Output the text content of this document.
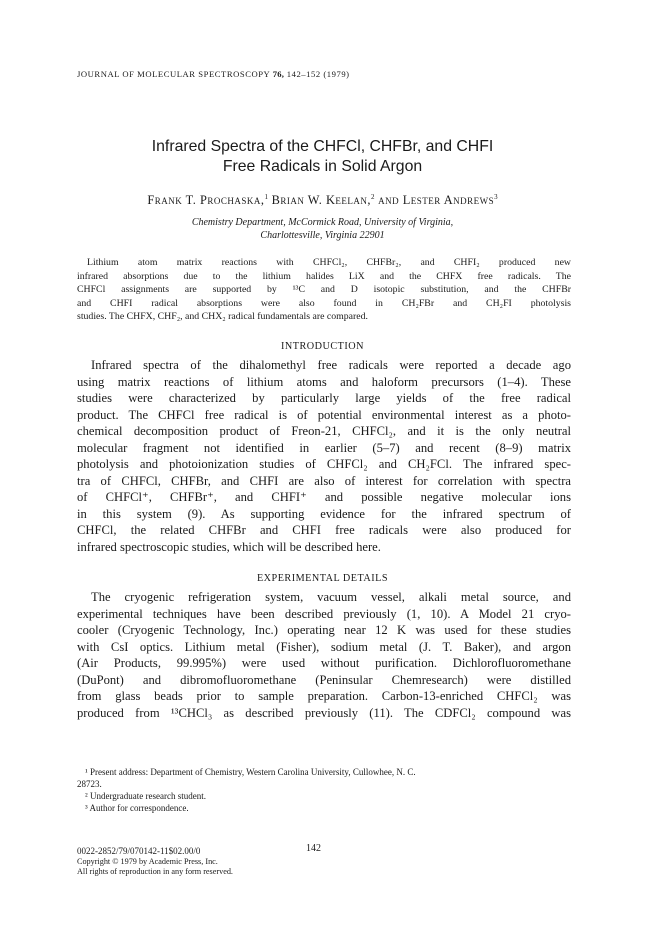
JOURNAL OF MOLECULAR SPECTROSCOPY 76, 142–152 (1979)
Infrared Spectra of the CHFCl, CHFBr, and CHFI
Free Radicals in Solid Argon
Frank T. Prochaska,$^1$ Brian W. Keelan,$^2$ and Lester Andrews$^3$
Chemistry Department, McCormick Road, University of Virginia,
Charlottesville, Virginia 22901
Lithium atom matrix reactions with CHFCl₂, CHFBr₂, and CHFI₂ produced new
infrared absorptions due to the lithium halides LiX and the CHFX free radicals. The
CHFCl assignments are supported by ¹³C and D isotopic substitution, and the CHFBr
and CHFI radical absorptions were also found in CH₂FBr and CH₂FI photolysis
studies. The CHFX, CHF₂, and CHX₂ radical fundamentals are compared.
INTRODUCTION
Infrared spectra of the dihalomethyl free radicals were reported a decade ago
using matrix reactions of lithium atoms and haloform precursors (1–4). These
studies were characterized by particularly large yields of the free radical
product. The CHFCl free radical is of potential environmental interest as a photo-
chemical decomposition product of Freon-21, CHFCl₂, and it is the only neutral
molecular fragment not identified in earlier (5–7) and recent (8–9) matrix
photolysis and photoionization studies of CHFCl₂ and CH₂FCl. The infrared spec-
tra of CHFCl, CHFBr, and CHFI are also of interest for correlation with spectra
of CHFCl⁺, CHFBr⁺, and CHFI⁺ and possible negative molecular ions
in this system (9). As supporting evidence for the infrared spectrum of
CHFCl, the related CHFBr and CHFI free radicals were also produced for
infrared spectroscopic studies, which will be described here.
EXPERIMENTAL DETAILS
The cryogenic refrigeration system, vacuum vessel, alkali metal source, and
experimental techniques have been described previously (1, 10). A Model 21 cryo-
cooler (Cryogenic Technology, Inc.) operating near 12 K was used for these studies
with CsI optics. Lithium metal (Fisher), sodium metal (J. T. Baker), and argon
(Air Products, 99.995%) were used without purification. Dichlorofluoromethane
(DuPont) and dibromofluoromethane (Peninsular Chemresearch) were distilled
from glass beads prior to sample preparation. Carbon-13-enriched CHFCl₂ was
produced from ¹³CHCl₃ as described previously (11). The CDFCl₂ compound was
¹ Present address: Department of Chemistry, Western Carolina University, Cullowhee, N. C.
28723.
² Undergraduate research student.
³ Author for correspondence.
142
0022-2852/79/070142-11$02.00/0
Copyright © 1979 by Academic Press, Inc.
All rights of reproduction in any form reserved.
